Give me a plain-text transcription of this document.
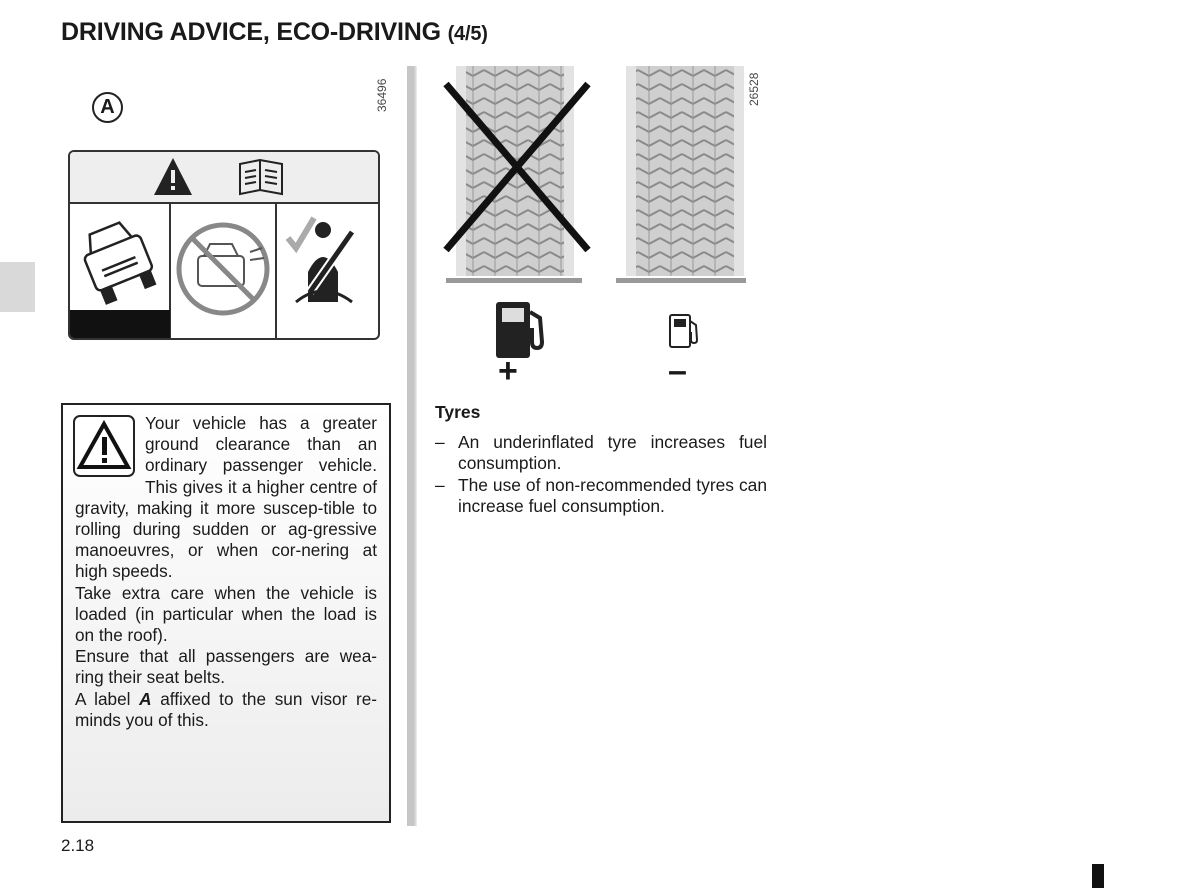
DRIVING ADVICE, ECO-DRIVING (4/5)
36496
A

Your vehicle has a greater ground clearance than an ordinary passenger vehicle. This gives it a higher centre of gravity, making it more suscep-tible to rolling during sudden or ag-gressive manoeuvres, or when cor-nering at high speeds.

Take extra care when the vehicle is loaded (in particular when the load is on the roof).

Ensure that all passengers are wea-ring their seat belts.

A label A affixed to the sun visor re-minds you of this.

26528
+	–
Tyres
– An underinflated tyre increases fuel consumption.
– The use of non-recommended tyres can increase fuel consumption.
2.18
